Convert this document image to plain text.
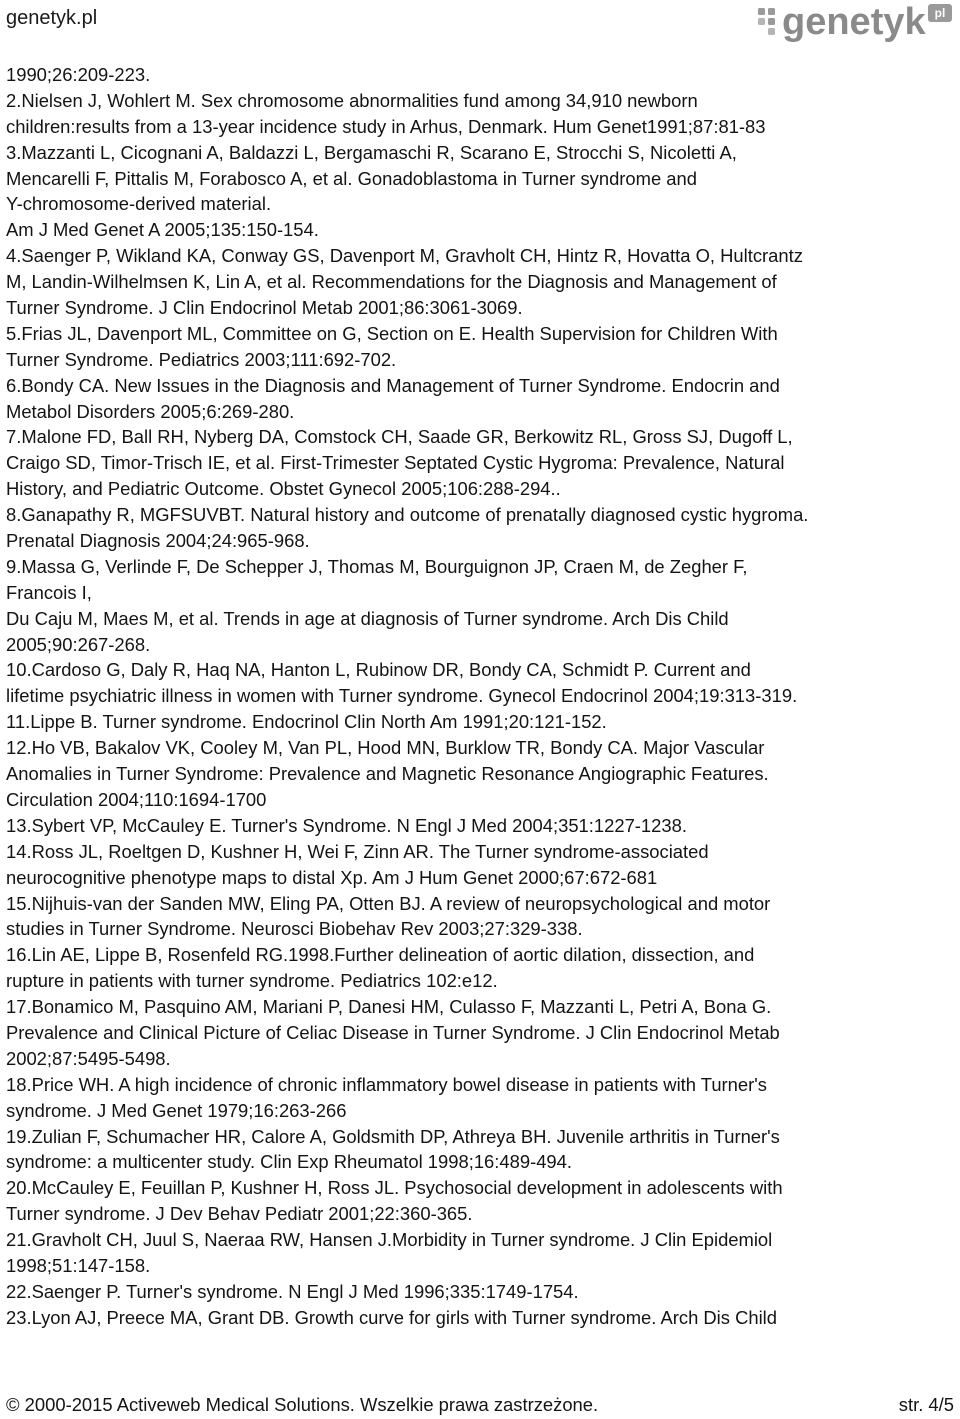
genetyk.pl	genetyk pl
1990;26:209-223.
2.Nielsen J, Wohlert M. Sex chromosome abnormalities fund among 34,910 newborn
children:results from a 13-year incidence study in Arhus, Denmark. Hum Genet1991;87:81-83
3.Mazzanti L, Cicognani A, Baldazzi L, Bergamaschi R, Scarano E, Strocchi S, Nicoletti A,
Mencarelli F, Pittalis M, Forabosco A, et al. Gonadoblastoma in Turner syndrome and
Y-chromosome-derived material.
Am J Med Genet A 2005;135:150-154.
4.Saenger P, Wikland KA, Conway GS, Davenport M, Gravholt CH, Hintz R, Hovatta O, Hultcrantz
M, Landin-Wilhelmsen K, Lin A, et al. Recommendations for the Diagnosis and Management of
Turner Syndrome. J Clin Endocrinol Metab 2001;86:3061-3069.
5.Frias JL, Davenport ML, Committee on G, Section on E. Health Supervision for Children With
Turner Syndrome. Pediatrics 2003;111:692-702.
6.Bondy CA. New Issues in the Diagnosis and Management of Turner Syndrome. Endocrin and
Metabol Disorders 2005;6:269-280.
7.Malone FD, Ball RH, Nyberg DA, Comstock CH, Saade GR, Berkowitz RL, Gross SJ, Dugoff L,
Craigo SD, Timor-Trisch IE, et al. First-Trimester Septated Cystic Hygroma: Prevalence, Natural
History, and Pediatric Outcome. Obstet Gynecol 2005;106:288-294..
8.Ganapathy R, MGFSUVBT. Natural history and outcome of prenatally diagnosed cystic hygroma.
Prenatal Diagnosis 2004;24:965-968.
9.Massa G, Verlinde F, De Schepper J, Thomas M, Bourguignon JP, Craen M, de Zegher F,
Francois I,
Du Caju M, Maes M, et al. Trends in age at diagnosis of Turner syndrome. Arch Dis Child
2005;90:267-268.
10.Cardoso G, Daly R, Haq NA, Hanton L, Rubinow DR, Bondy CA, Schmidt P. Current and
lifetime psychiatric illness in women with Turner syndrome. Gynecol Endocrinol 2004;19:313-319.
11.Lippe B. Turner syndrome. Endocrinol Clin North Am 1991;20:121-152.
12.Ho VB, Bakalov VK, Cooley M, Van PL, Hood MN, Burklow TR, Bondy CA. Major Vascular
Anomalies in Turner Syndrome: Prevalence and Magnetic Resonance Angiographic Features.
Circulation 2004;110:1694-1700
13.Sybert VP, McCauley E. Turner's Syndrome. N Engl J Med 2004;351:1227-1238.
14.Ross JL, Roeltgen D, Kushner H, Wei F, Zinn AR. The Turner syndrome-associated
neurocognitive phenotype maps to distal Xp. Am J Hum Genet 2000;67:672-681
15.Nijhuis-van der Sanden MW, Eling PA, Otten BJ. A review of neuropsychological and motor
studies in Turner Syndrome. Neurosci Biobehav Rev 2003;27:329-338.
16.Lin AE, Lippe B, Rosenfeld RG.1998.Further delineation of aortic dilation, dissection, and
rupture in patients with turner syndrome. Pediatrics 102:e12.
17.Bonamico M, Pasquino AM, Mariani P, Danesi HM, Culasso F, Mazzanti L, Petri A, Bona G.
Prevalence and Clinical Picture of Celiac Disease in Turner Syndrome. J Clin Endocrinol Metab
2002;87:5495-5498.
18.Price WH. A high incidence of chronic inflammatory bowel disease in patients with Turner's
syndrome. J Med Genet 1979;16:263-266
19.Zulian F, Schumacher HR, Calore A, Goldsmith DP, Athreya BH. Juvenile arthritis in Turner's
syndrome: a multicenter study. Clin Exp Rheumatol 1998;16:489-494.
20.McCauley E, Feuillan P, Kushner H, Ross JL. Psychosocial development in adolescents with
Turner syndrome. J Dev Behav Pediatr 2001;22:360-365.
21.Gravholt CH, Juul S, Naeraa RW, Hansen J.Morbidity in Turner syndrome. J Clin Epidemiol
1998;51:147-158.
22.Saenger P. Turner's syndrome. N Engl J Med 1996;335:1749-1754.
23.Lyon AJ, Preece MA, Grant DB. Growth curve for girls with Turner syndrome. Arch Dis Child
© 2000-2015 Activeweb Medical Solutions. Wszelkie prawa zastrzeżone.	str. 4/5
